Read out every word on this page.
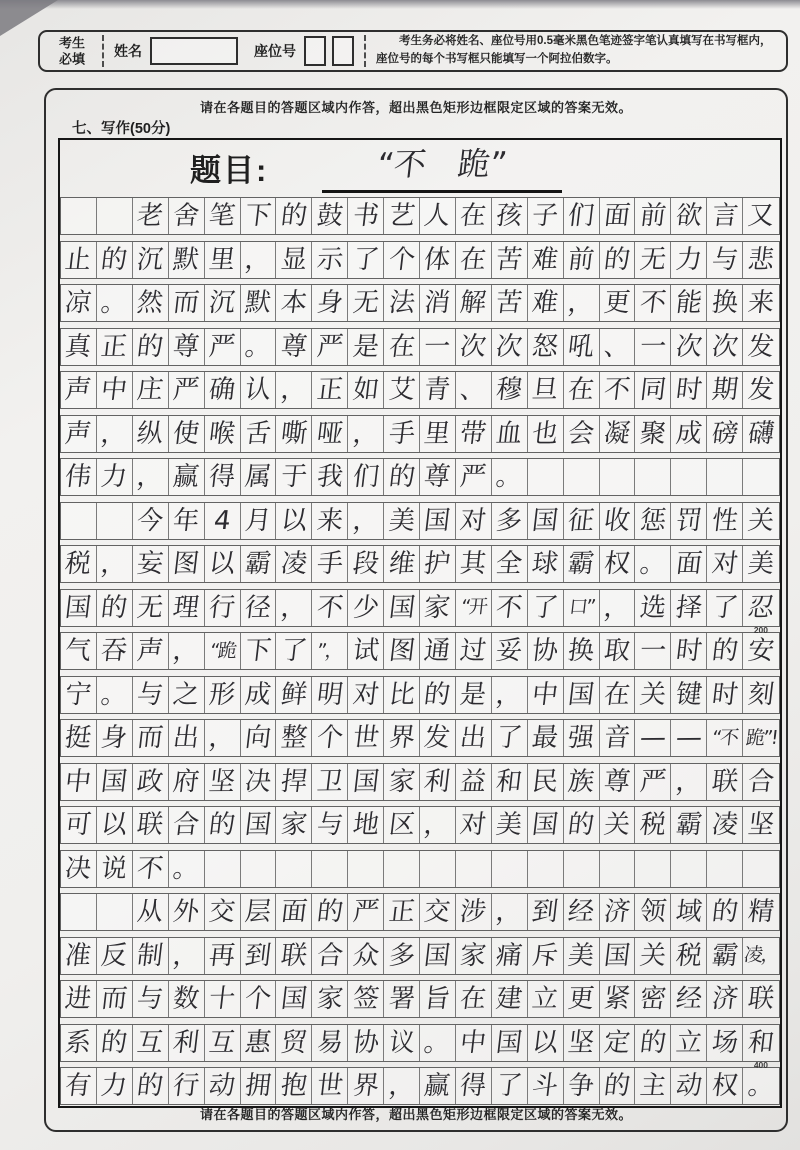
考生
必填	姓名	座位号

考生务必将姓名、座位号用0.5毫米黑色笔迹签字笔认真填写在书写框内，座位号的每个书写框只能填写一个阿拉伯数字。

请在各题目的答题区域内作答，超出黑色矩形边框限定区域的答案无效。
七、写作(50分)
题目:	“不　跪”
老 舍 笔 下 的 鼓 书 艺 人 在 孩 子 们 面 前 欲 言 又
止 的 沉 默 里 ， 显 示 了 个 体 在 苦 难 前 的 无 力 与 悲
凉 。 然 而 沉 默 本 身 无 法 消 解 苦 难 ， 更 不 能 换 来
真 正 的 尊 严 。 尊 严 是 在 一 次 次 怒 吼 、 一 次 次 发
声 中 庄 严 确 认 ， 正 如 艾 青 、 穆 旦 在 不 同 时 期 发
声 ， 纵 使 喉 舌 嘶 哑 ， 手 里 带 血 也 会 凝 聚 成 磅 礴
伟 力 ， 赢 得 属 于 我 们 的 尊 严 。
今 年 4 月 以 来 ， 美 国 对 多 国 征 收 惩 罚 性 关
税 ， 妄 图 以 霸 凌 手 段 维 护 其 全 球 霸 权 。 面 对 美
国 的 无 理 行 径 ， 不 少 国 家 “开 不 了 口” ， 选 择 了 忍
气 吞 声 ， “跪 下 了 ”， 试 图 通 过 妥 协 换 取 一 时 的 安
宁 。 与 之 形 成 鲜 明 对 比 的 是 ， 中 国 在 关 键 时 刻
挺 身 而 出 ， 向 整 个 世 界 发 出 了 最 强 音 — — “不 跪”!
中 国 政 府 坚 决 捍 卫 国 家 利 益 和 民 族 尊 严 ， 联 合
可 以 联 合 的 国 家 与 地 区 ， 对 美 国 的 关 税 霸 凌 坚
决 说 不 。
从 外 交 层 面 的 严 正 交 涉 ， 到 经 济 领 域 的 精
准 反 制 ， 再 到 联 合 众 多 国 家 痛 斥 美 国 关 税 霸 凌，
进 而 与 数 十 个 国 家 签 署 旨 在 建 立 更 紧 密 经 济 联
系 的 互 利 互 惠 贸 易 协 议 。 中 国 以 坚 定 的 立 场 和
有 力 的 行 动 拥 抱 世 界 ， 赢 得 了 斗 争 的 主 动 权 。
200
400
请在各题目的答题区域内作答，超出黑色矩形边框限定区域的答案无效。
